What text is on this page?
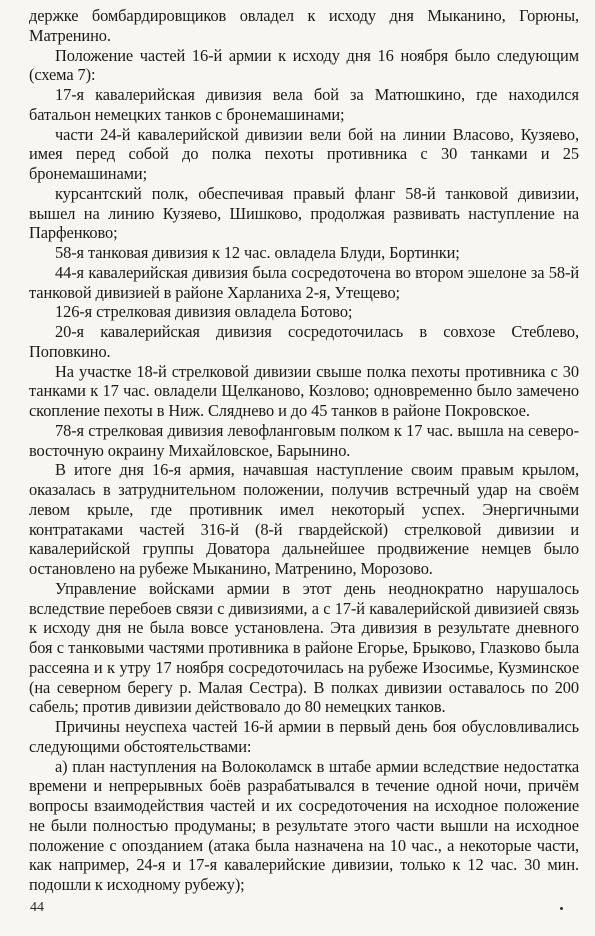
держке бомбардировщиков овладел к исходу дня Мыканино, Горюны, Матренино.

Положение частей 16-й армии к исходу дня 16 ноября было следующим (схема 7):

17-я кавалерийская дивизия вела бой за Матюшкино, где находился батальон немецких танков с бронемашинами;

части 24-й кавалерийской дивизии вели бой на линии Власово, Кузяево, имея перед собой до полка пехоты противника с 30 танками и 25 бронемашинами;

курсантский полк, обеспечивая правый фланг 58-й танковой дивизии, вышел на линию Кузяево, Шишково, продолжая развивать наступление на Парфенково;

58-я танковая дивизия к 12 час. овладела Блуди, Бортинки;

44-я кавалерийская дивизия была сосредоточена во втором эшелоне за 58-й танковой дивизией в районе Харланиха 2-я, Утещево;

126-я стрелковая дивизия овладела Ботово;

20-я кавалерийская дивизия сосредоточилась в совхозе Стеблево, Поповкино.

На участке 18-й стрелковой дивизии свыше полка пехоты противника с 30 танками к 17 час. овладели Щелканово, Козлово; одновременно было замечено скопление пехоты в Ниж. Слядневo и до 45 танков в районе Покровское.

78-я стрелковая дивизия левофланговым полком к 17 час. вышла на северо-восточную окраину Михайловское, Барынино.

В итоге дня 16-я армия, начавшая наступление своим правым крылом, оказалась в затруднительном положении, получив встречный удар на своём левом крыле, где противник имел некоторый успех. Энергичными контратаками частей 316-й (8-й гвардейской) стрелковой дивизии и кавалерийской группы Доватора дальнейшее продвижение немцев было остановлено на рубеже Мыканино, Матренино, Морозово.

Управление войсками армии в этот день неоднократно нарушалось вследствие перебоев связи с дивизиями, а с 17-й кавалерийской дивизией связь к исходу дня не была вовсе установлена. Эта дивизия в результате дневного боя с танковыми частями противника в районе Егорье, Брыково, Глазково была рассеяна и к утру 17 ноября сосредоточилась на рубеже Изосимье, Кузминское (на северном берегу р. Малая Сестра). В полках дивизии оставалось по 200 сабель; против дивизии действовало до 80 немецких танков.

Причины неуспеха частей 16-й армии в первый день боя обусловливались следующими обстоятельствами:

а) план наступления на Волоколамск в штабе армии вследствие недостатка времени и непрерывных боёв разрабатывался в течение одной ночи, причём вопросы взаимодействия частей и их сосредоточения на исходное положение не были полностью продуманы; в результате этого части вышли на исходное положение с опозданием (атака была назначена на 10 час., а некоторые части, как например, 24-я и 17-я кавалерийские дивизии, только к 12 час. 30 мин. подошли к исходному рубежу);

44
